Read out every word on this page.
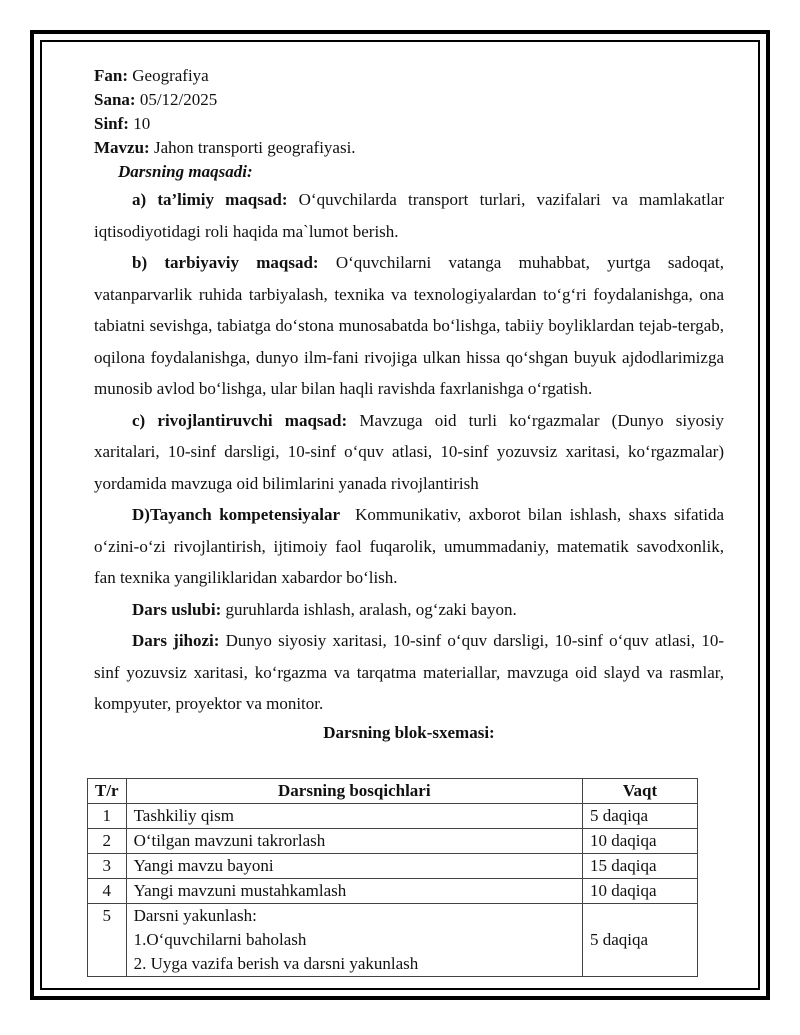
Fan: Geografiya
Sana: 05/12/2025
Sinf: 10
Mavzu: Jahon transporti geografiyasi.
Darsning maqsadi:

a) ta’limiy maqsad: O‘quvchilarda transport turlari, vazifalari va mamlakatlar iqtisodiyotidagi roli haqida ma`lumot berish.

b) tarbiyaviy maqsad: O‘quvchilarni vatanga muhabbat, yurtga sadoqat, vatanparvarlik ruhida tarbiyalash, texnika va texnologiyalardan to‘g‘ri foydalanishga, ona tabiatni sevishga, tabiatga do‘stona munosabatda bo‘lishga, tabiiy boyliklardan tejab-tergab, oqilona foydalanishga, dunyo ilm-fani rivojiga ulkan hissa qo‘shgan buyuk ajdodlarimizga munosib avlod bo‘lishga, ular bilan haqli ravishda faxrlanishga o‘rgatish.

c) rivojlantiruvchi maqsad: Mavzuga oid turli ko‘rgazmalar (Dunyo siyosiy xaritalari, 10-sinf darsligi, 10-sinf o‘quv atlasi, 10-sinf yozuvsiz xaritasi, ko‘rgazmalar) yordamida mavzuga oid bilimlarini yanada rivojlantirish

D)Tayanch kompetensiyalar Kommunikativ, axborot bilan ishlash, shaxs sifatida o‘zini-o‘zi rivojlantirish, ijtimoiy faol fuqarolik, umummadaniy, matematik savodxonlik, fan texnika yangiliklaridan xabardor bo‘lish.

Dars uslubi: guruhlarda ishlash, aralash, og‘zaki bayon.

Dars jihozi: Dunyo siyosiy xaritasi, 10-sinf o‘quv darsligi, 10-sinf o‘quv atlasi, 10-sinf yozuvsiz xaritasi, ko‘rgazma va tarqatma materiallar, mavzuga oid slayd va rasmlar, kompyuter, proyektor va monitor.

Darsning blok-sxemasi:
T/r	Darsning bosqichlari	Vaqt
1	Tashkiliy qism	5 daqiqa
2	O‘tilgan mavzuni takrorlash	10 daqiqa
3	Yangi mavzu bayoni	15 daqiqa
4	Yangi mavzuni mustahkamlash	10 daqiqa
5	Darsni yakunlash:
1.O‘quvchilarni baholash
2. Uyga vazifa berish va darsni yakunlash	5 daqiqa
